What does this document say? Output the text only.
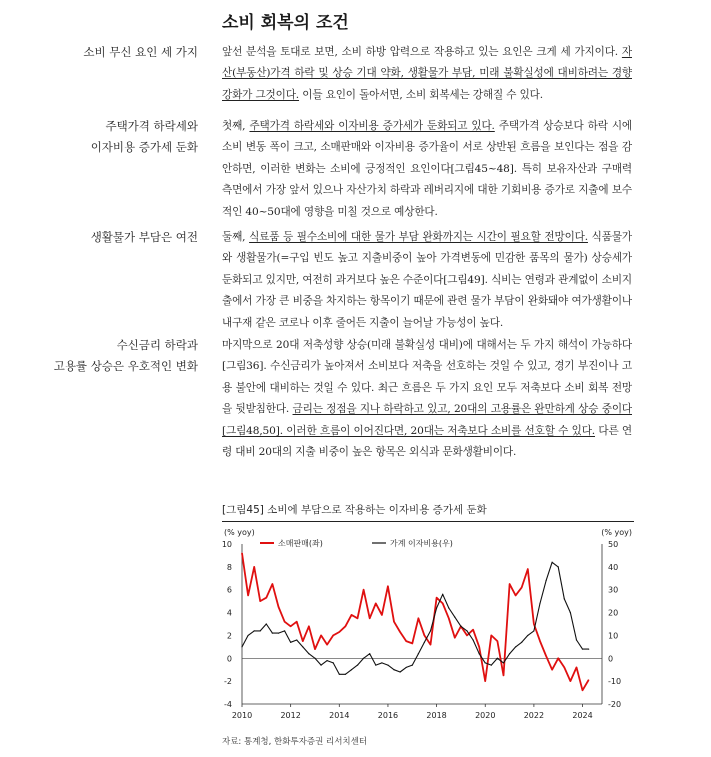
소비 회복의 조건
소비 무신 요인 세 가지 앞선 분석을 토대로 보면, 소비 하방 압력으로 작용하고 있는 요인은 크게 세 가지이다. 자산(부동산)가격 하락 및 상승 기대 약화, 생활물가 부담, 미래 불확실성에 대비하려는 경향 강화가 그것이다. 이들 요인이 돌아서면, 소비 회복세는 강해질 수 있다.
주택가격 하락세와
이자비용 증가세 둔화
첫째, 주택가격 하락세와 이자비용 증가세가 둔화되고 있다. 주택가격 상승보다 하락 시에 소비 변동 폭이 크고, 소매판매와 이자비용 증가율이 서로 상반된 흐름을 보인다는 점을 감안하면, 이러한 변화는 소비에 긍정적인 요인이다[그림45~48]. 특히 보유자산과 구매력 측면에서 가장 앞서 있으나 자산가치 하락과 레버리지에 대한 기회비용 증가로 지출에 보수적인 40~50대에 영향을 미칠 것으로 예상한다.
생활물가 부담은 여전 둘째, 식료품 등 필수소비에 대한 물가 부담 완화까지는 시간이 필요할 전망이다. 식품물가와 생활물가(=구입 빈도 높고 지출비중이 높아 가격변동에 민감한 품목의 물가) 상승세가 둔화되고 있지만, 여전히 과거보다 높은 수준이다[그림49]. 식비는 연령과 관계없이 소비지출에서 가장 큰 비중을 차지하는 항목이기 때문에 관련 물가 부담이 완화돼야 여가생활이나 내구재 같은 코로나 이후 줄어든 지출이 늘어날 가능성이 높다.
수신금리 하락과
고용률 상승은 우호적인 변화
마지막으로 20대 저축성향 상승(미래 불확실성 대비)에 대해서는 두 가지 해석이 가능하다[그림36]. 수신금리가 높아져서 소비보다 저축을 선호하는 것일 수 있고, 경기 부진이나 고용 불안에 대비하는 것일 수 있다. 최근 흐름은 두 가지 요인 모두 저축보다 소비 회복 전망을 뒷받침한다. 금리는 정점을 지나 하락하고 있고, 20대의 고용률은 완만하게 상승 중이다[그림48,50]. 이러한 흐름이 이어진다면, 20대는 저축보다 소비를 선호할 수 있다. 다른 연령 대비 20대의 지출 비중이 높은 항목은 외식과 문화생활비이다.
[그림45] 소비에 부담으로 작용하는 이자비용 증가세 둔화
(% yoy)	(% yoy)
10
8
6
4
2
0
-2
-4
50
40
30
20
10
0
-10
-20
2010	2012	2014	2016	2018	2020	2022	2024
소매판매(좌)	가계 이자비용(우)
자료: 통계청, 한화투자증권 리서치센터
